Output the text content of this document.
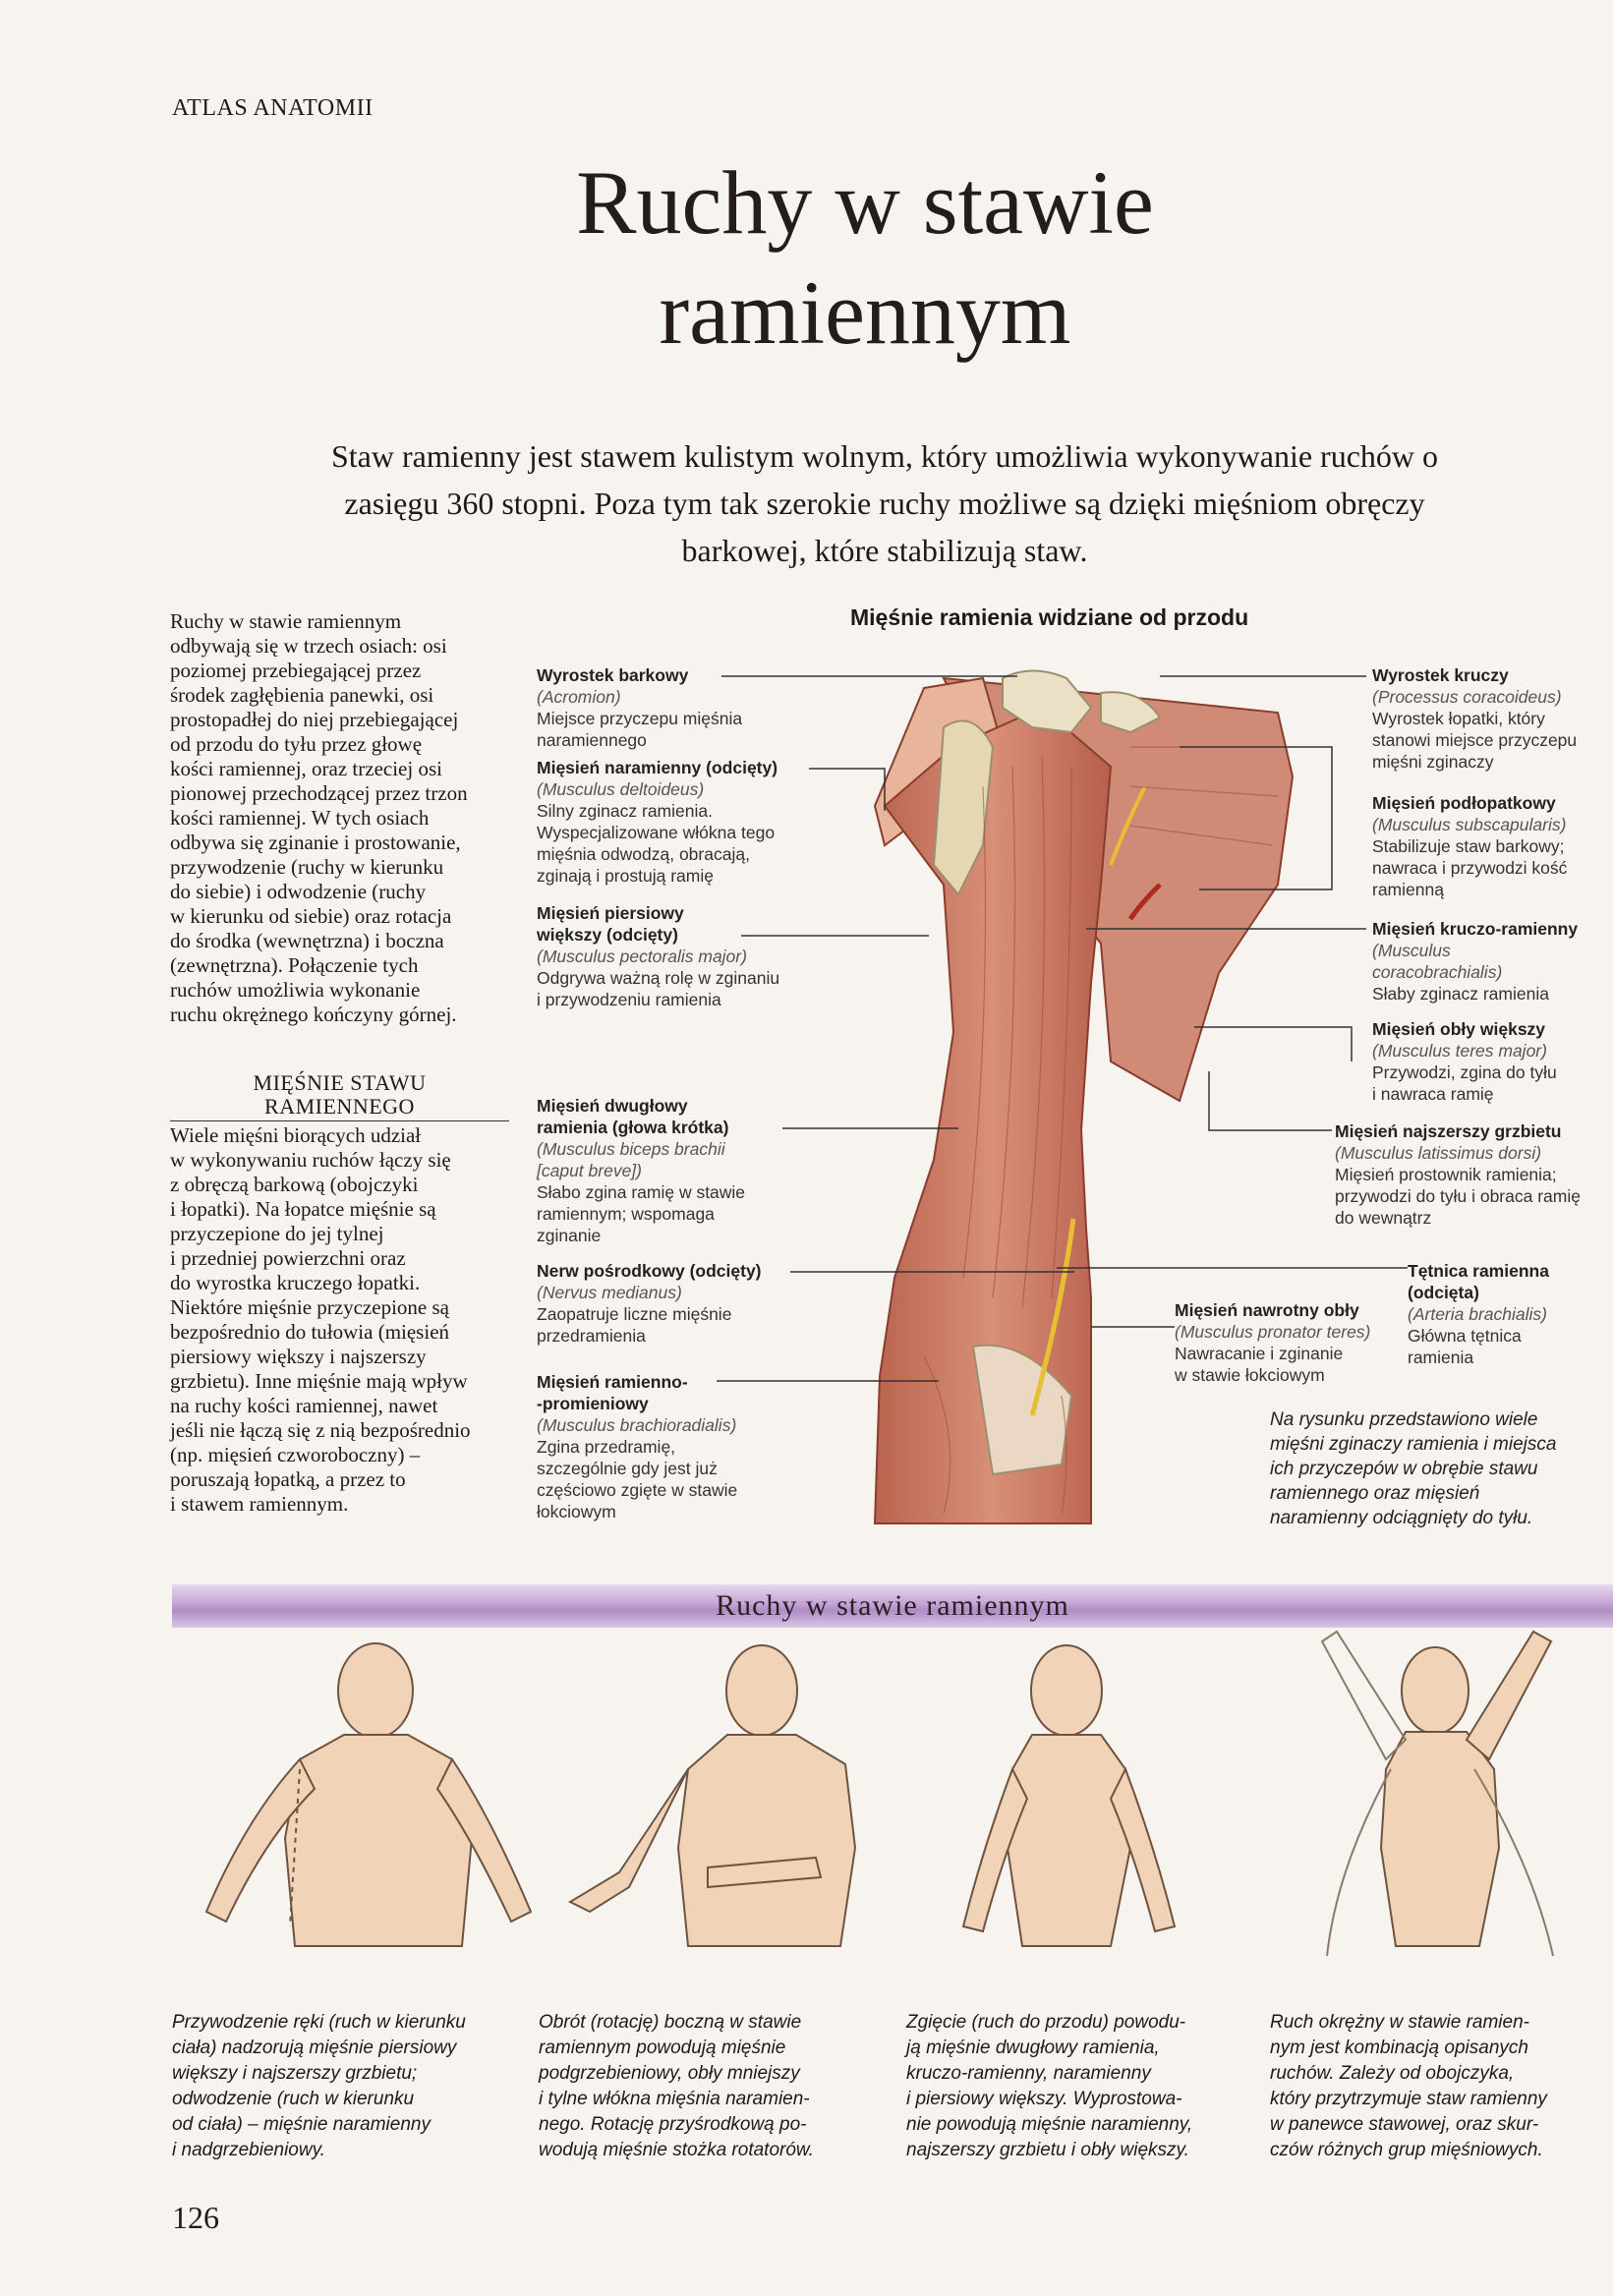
ATLAS ANATOMII
Ruchy w stawie
ramiennym
Staw ramienny jest stawem kulistym wolnym, który umożliwia wykonywanie ruchów o zasięgu 360 stopni. Poza tym tak szerokie ruchy możliwe są dzięki mięśniom obręczy barkowej, które stabilizują staw.
Ruchy w stawie ramiennym
odbywają się w trzech osiach: osi
poziomej przebiegającej przez
środek zagłębienia panewki, osi
prostopadłej do niej przebiegającej
od przodu do tyłu przez głowę
kości ramiennej, oraz trzeciej osi
pionowej przechodzącej przez trzon
kości ramiennej. W tych osiach
odbywa się zginanie i prostowanie,
przywodzenie (ruchy w kierunku
do siebie) i odwodzenie (ruchy
w kierunku od siebie) oraz rotacja
do środka (wewnętrzna) i boczna
(zewnętrzna). Połączenie tych
ruchów umożliwia wykonanie
ruchu okrężnego kończyny górnej.
MIĘŚNIE STAWU
RAMIENNEGO
Wiele mięśni biorących udział
w wykonywaniu ruchów łączy się
z obręczą barkową (obojczyki
i łopatki). Na łopatce mięśnie są
przyczepione do jej tylnej
i przedniej powierzchni oraz
do wyrostka kruczego łopatki.
Niektóre mięśnie przyczepione są
bezpośrednio do tułowia (mięsień
piersiowy większy i najszerszy
grzbietu). Inne mięśnie mają wpływ
na ruchy kości ramiennej, nawet
jeśli nie łączą się z nią bezpośrednio
(np. mięsień czworoboczny) –
poruszają łopatką, a przez to
i stawem ramiennym.
Mięśnie ramienia widziane od przodu
Wyrostek barkowy
(Acromion)
Miejsce przyczepu mięśnia
naramiennego
Mięsień naramienny (odcięty)
(Musculus deltoideus)
Silny zginacz ramienia.
Wyspecjalizowane włókna tego
mięśnia odwodzą, obracają,
zginają i prostują ramię
Mięsień piersiowy
większy (odcięty)
(Musculus pectoralis major)
Odgrywa ważną rolę w zginaniu
i przywodzeniu ramienia
Mięsień dwugłowy
ramienia (głowa krótka)
(Musculus biceps brachii
[caput breve])
Słabo zgina ramię w stawie
ramiennym; wspomaga
zginanie
Nerw pośrodkowy (odcięty)
(Nervus medianus)
Zaopatruje liczne mięśnie
przedramienia
Mięsień ramienno-
-promieniowy
(Musculus brachioradialis)
Zgina przedramię,
szczególnie gdy jest już
częściowo zgięte w stawie
łokciowym
Wyrostek kruczy
(Processus coracoideus)
Wyrostek łopatki, który
stanowi miejsce przyczepu
mięśni zginaczy
Mięsień podłopatkowy
(Musculus subscapularis)
Stabilizuje staw barkowy;
nawraca i przywodzi kość
ramienną
Mięsień kruczo-ramienny
(Musculus
coracobrachialis)
Słaby zginacz ramienia
Mięsień obły większy
(Musculus teres major)
Przywodzi, zgina do tyłu
i nawraca ramię
Mięsień najszerszy grzbietu
(Musculus latissimus dorsi)
Mięsień prostownik ramienia;
przywodzi do tyłu i obraca ramię
do wewnątrz
Tętnica ramienna
(odcięta)
(Arteria brachialis)
Główna tętnica
ramienia
Mięsień nawrotny obły
(Musculus pronator teres)
Nawracanie i zginanie
w stawie łokciowym
Na rysunku przedstawiono wiele
mięśni zginaczy ramienia i miejsca
ich przyczepów w obrębie stawu
ramiennego oraz mięsień
naramienny odciągnięty do tyłu.
Ruchy w stawie ramiennym
Przywodzenie ręki (ruch w kierunku
ciała) nadzorują mięśnie piersiowy
większy i najszerszy grzbietu;
odwodzenie (ruch w kierunku
od ciała) – mięśnie naramienny
i nadgrzebieniowy.
Obrót (rotację) boczną w stawie
ramiennym powodują mięśnie
podgrzebieniowy, obły mniejszy
i tylne włókna mięśnia naramien-
nego. Rotację przyśrodkową po-
wodują mięśnie stożka rotatorów.
Zgięcie (ruch do przodu) powodu-
ją mięśnie dwugłowy ramienia,
kruczo-ramienny, naramienny
i piersiowy większy. Wyprostowa-
nie powodują mięśnie naramienny,
najszerszy grzbietu i obły większy.
Ruch okrężny w stawie ramien-
nym jest kombinacją opisanych
ruchów. Zależy od obojczyka,
który przytrzymuje staw ramienny
w panewce stawowej, oraz skur-
czów różnych grup mięśniowych.
126
